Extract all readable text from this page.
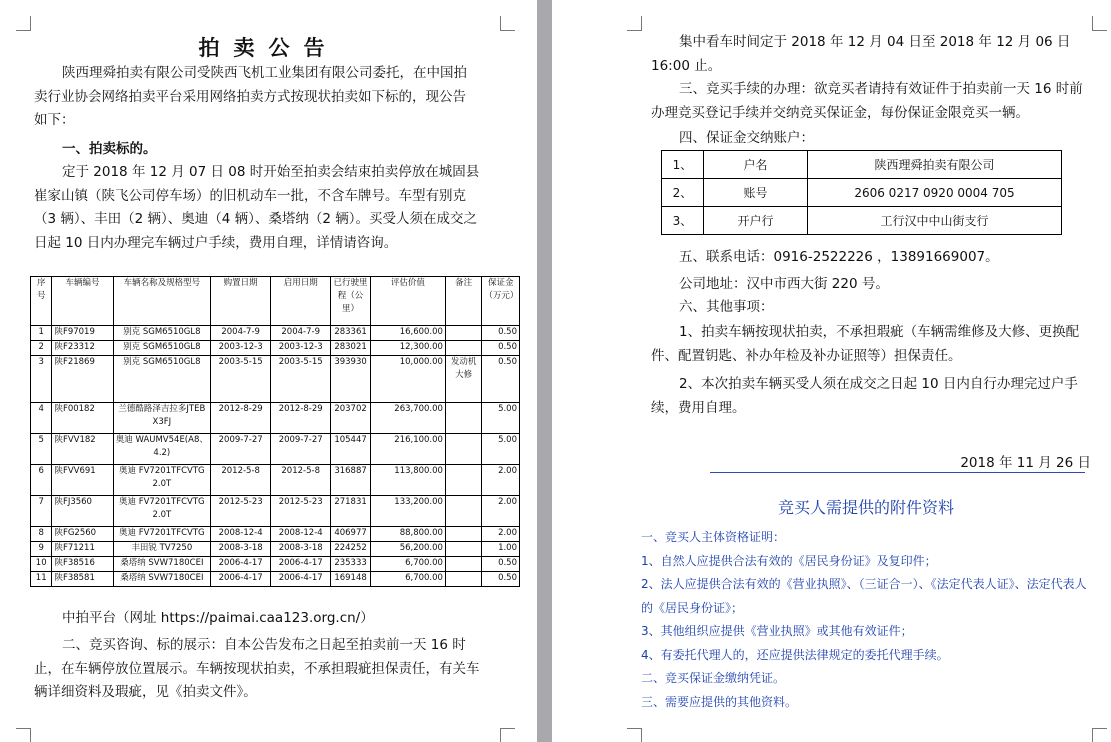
拍卖公告

陕西理舜拍卖有限公司受陕西飞机工业集团有限公司委托，在中国拍卖行业协会网络拍卖平台采用网络拍卖方式按现状拍卖如下标的，现公告如下：

一、拍卖标的。

定于 2018 年 12 月 07 日 08 时开始至拍卖会结束拍卖停放在城固县崔家山镇（陕飞公司停车场）的旧机动车一批，不含车牌号。车型有别克（3 辆）、丰田（2 辆）、奥迪（4 辆）、桑塔纳（2 辆）。买受人须在成交之日起 10 日内办理完车辆过户手续，费用自理，详情请咨询。

序号	车辆编号	车辆名称及规格型号	购置日期	启用日期	已行驶里程（公里）	评估价值	备注	保证金（万元）
1	陕F97019	别克 SGM6510GL8	2004-7-9	2004-7-9	283361	16,600.00		0.50
2	陕F23312	别克 SGM6510GL8	2003-12-3	2003-12-3	283021	12,300.00		0.50
3	陕F21869	别克 SGM6510GL8	2003-5-15	2003-5-15	393930	10,000.00	发动机大修	0.50
4	陕F00182	兰德酷路泽吉拉多JTEBX3FJ	2012-8-29	2012-8-29	203702	263,700.00		5.00
5	陕FVV182	奥迪 WAUMV54E(A8、4.2)	2009-7-27	2009-7-27	105447	216,100.00		5.00
6	陕FVV691	奥迪 FV7201TFCVTG2.0T	2012-5-8	2012-5-8	316887	113,800.00		2.00
7	陕FJ3560	奥迪 FV7201TFCVTG2.0T	2012-5-23	2012-5-23	271831	133,200.00		2.00
8	陕FG2560	奥迪 FV7201TFCVTG	2008-12-4	2008-12-4	406977	88,800.00		2.00
9	陕F71211	丰田锐 TV7250	2008-3-18	2008-3-18	224252	56,200.00		1.00
10	陕F38516	桑塔纳 SVW7180CEI	2006-4-17	2006-4-17	235333	6,700.00		0.50
11	陕F38581	桑塔纳 SVW7180CEI	2006-4-17	2006-4-17	169148	6,700.00		0.50

中拍平台（网址 https://paimai.caa123.org.cn/）

二、竞买咨询、标的展示：自本公告发布之日起至拍卖前一天 16 时止，在车辆停放位置展示。车辆按现状拍卖，不承担瑕疵担保责任，有关车辆详细资料及瑕疵，见《拍卖文件》。

集中看车时间定于 2018 年 12 月 04 日至 2018 年 12 月 06 日 16:00 止。

三、竞买手续的办理：欲竞买者请持有效证件于拍卖前一天 16 时前办理竞买登记手续并交纳竞买保证金，每份保证金限竞买一辆。

四、保证金交纳账户：

1、	户名	陕西理舜拍卖有限公司
2、	账号	2606 0217 0920 0004 705
3、	开户行	工行汉中中山街支行

五、联系电话：0916-2522226 ，13891669007。

公司地址：汉中市西大街 220 号。

六、其他事项：

1、拍卖车辆按现状拍卖，不承担瑕疵（车辆需维修及大修、更换配件、配置钥匙、补办年检及补办证照等）担保责任。

2、本次拍卖车辆买受人须在成交之日起 10 日内自行办理完过户手续，费用自理。

2018 年 11 月 26 日

竞买人需提供的附件资料

一、竞买人主体资格证明：
1、自然人应提供合法有效的《居民身份证》及复印件；
2、法人应提供合法有效的《营业执照》、（三证合一）、《法定代表人证》、法定代表人的《居民身份证》；
3、其他组织应提供《营业执照》或其他有效证件；
4、有委托代理人的，还应提供法律规定的委托代理手续。
二、竞买保证金缴纳凭证。
三、需要应提供的其他资料。
